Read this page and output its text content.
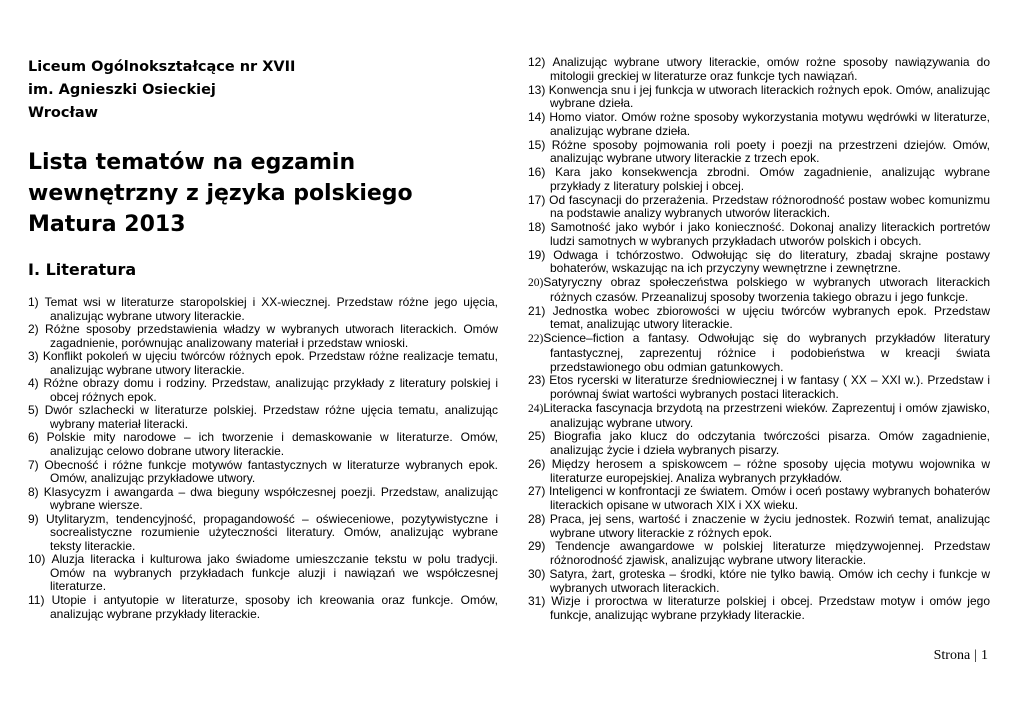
Liceum Ogólnokształcące nr XVII

im. Agnieszki Osieckiej

Wrocław

Lista tematów na egzamin
wewnętrzny z języka polskiego
Matura 2013
I. Literatura
1) Temat wsi w literaturze staropolskiej i XX-wiecznej. Przedstaw różne jego ujęcia, analizując wybrane utwory literackie.
2) Różne sposoby przedstawienia władzy w wybranych utworach literackich. Omów zagadnienie, porównując analizowany materiał i przedstaw wnioski.
3) Konflikt pokoleń w ujęciu twórców różnych epok. Przedstaw różne realizacje tematu, analizując wybrane utwory literackie.
4) Różne obrazy domu i rodziny. Przedstaw, analizując przykłady z literatury polskiej i obcej różnych epok.
5) Dwór szlachecki w literaturze polskiej. Przedstaw różne ujęcia tematu, analizując wybrany materiał literacki.
6) Polskie mity narodowe – ich tworzenie i demaskowanie w literaturze. Omów, analizując celowo dobrane utwory literackie.
7) Obecność i różne funkcje motywów fantastycznych w literaturze wybranych epok. Omów, analizując przykładowe utwory.
8) Klasycyzm i awangarda – dwa bieguny współczesnej poezji. Przedstaw, analizując wybrane wiersze.
9) Utylitaryzm, tendencyjność, propagandowość – oświeceniowe, pozytywistyczne i socrealistyczne rozumienie użyteczności literatury. Omów, analizując wybrane teksty literackie.
10) Aluzja literacka i kulturowa jako świadome umieszczanie tekstu w polu tradycji. Omów na wybranych przykładach funkcje aluzji i nawiązań we współczesnej literaturze.
11) Utopie i antyutopie w literaturze, sposoby ich kreowania oraz funkcje. Omów, analizując wybrane przykłady literackie.
12) Analizując wybrane utwory literackie, omów rożne sposoby nawiązywania do mitologii greckiej w literaturze oraz funkcje tych nawiązań.
13) Konwencja snu i jej funkcja w utworach literackich rożnych epok. Omów, analizując wybrane dzieła.
14) Homo viator. Omów rożne sposoby wykorzystania motywu wędrówki w literaturze, analizując wybrane dzieła.
15) Różne sposoby pojmowania roli poety i poezji na przestrzeni dziejów. Omów, analizując wybrane utwory literackie z trzech epok.
16) Kara jako konsekwencja zbrodni. Omów zagadnienie, analizując wybrane przykłady z literatury polskiej i obcej.
17) Od fascynacji do przerażenia. Przedstaw różnorodność postaw wobec komunizmu na podstawie analizy wybranych utworów literackich.
18) Samotność jako wybór i jako konieczność. Dokonaj analizy literackich portretów ludzi samotnych w wybranych przykładach utworów polskich i obcych.
19) Odwaga i tchórzostwo. Odwołując się do literatury, zbadaj skrajne postawy bohaterów, wskazując na ich przyczyny wewnętrzne i zewnętrzne.
20)Satyryczny obraz społeczeństwa polskiego w wybranych utworach literackich różnych czasów. Przeanalizuj sposoby tworzenia takiego obrazu i jego funkcje.
21) Jednostka wobec zbiorowości w ujęciu twórców wybranych epok. Przedstaw temat, analizując utwory literackie.
22)Science–fiction a fantasy. Odwołując się do wybranych przykładów literatury fantastycznej, zaprezentuj różnice i podobieństwa w kreacji świata przedstawionego obu odmian gatunkowych.
23) Etos rycerski w literaturze średniowiecznej i w fantasy ( XX – XXI w.). Przedstaw i porównaj świat wartości wybranych postaci literackich.
24)Literacka fascynacja brzydotą na przestrzeni wieków. Zaprezentuj i omów zjawisko, analizując wybrane utwory.
25) Biografia jako klucz do odczytania twórczości pisarza. Omów zagadnienie, analizując życie i dzieła wybranych pisarzy.
26) Między herosem a spiskowcem – różne sposoby ujęcia motywu wojownika w literaturze europejskiej. Analiza wybranych przykładów.
27) Inteligenci w konfrontacji ze światem. Omów i oceń postawy wybranych bohaterów literackich opisane w utworach XIX i XX wieku.
28) Praca, jej sens, wartość i znaczenie w życiu jednostek. Rozwiń temat, analizując wybrane utwory literackie z różnych epok.
29) Tendencje awangardowe w polskiej literaturze międzywojennej. Przedstaw różnorodność zjawisk, analizując wybrane utwory literackie.
30) Satyra, żart, groteska – środki, które nie tylko bawią. Omów ich cechy i funkcje w wybranych utworach literackich.
31) Wizje i proroctwa w literaturze polskiej i obcej. Przedstaw motyw i omów jego funkcje, analizując wybrane przykłady literackie.
Strona | 1
